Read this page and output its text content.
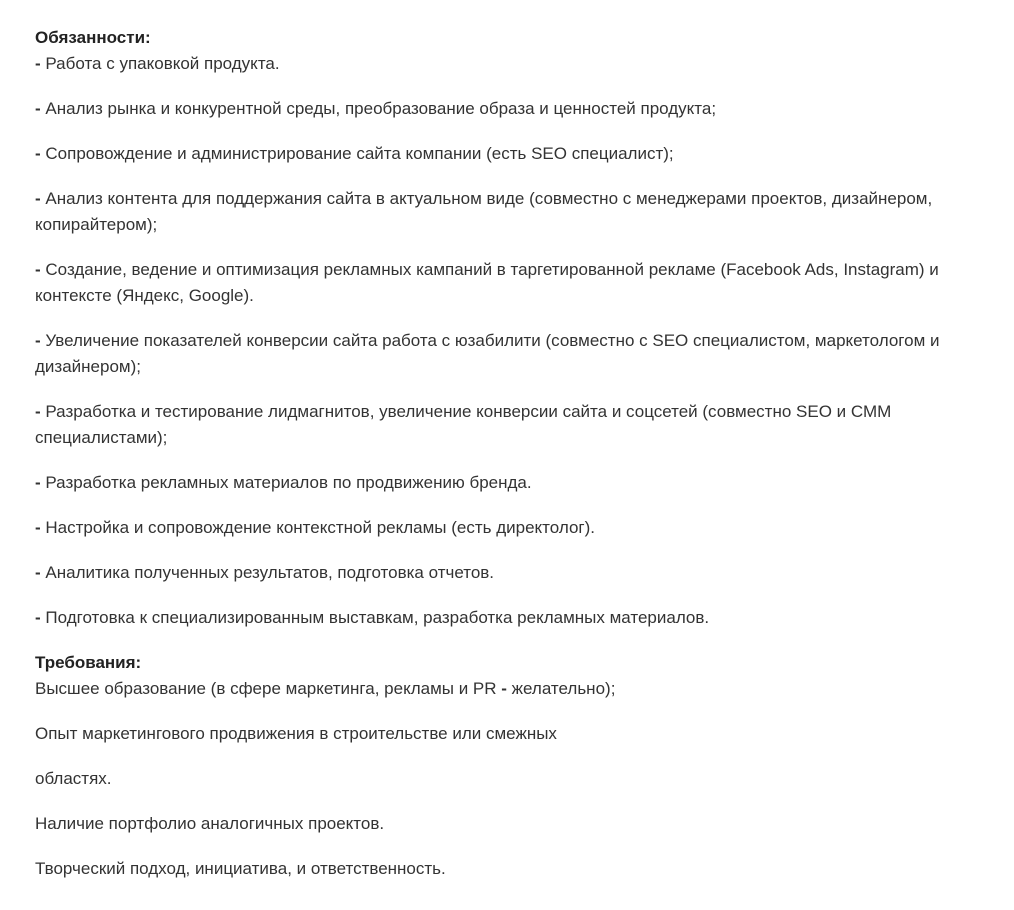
Обязанности:

- Работа с упаковкой продукта.

- Анализ рынка и конкурентной среды, преобразование образа и ценностей продукта;

- Сопровождение и администрирование сайта компании (есть SEO специалист);

- Анализ контента для поддержания сайта в актуальном виде (совместно с менеджерами проектов, дизайнером, копирайтером);

- Создание, ведение и оптимизация рекламных кампаний в таргетированной рекламе (Facebook Ads, Instagram) и контексте (Яндекс, Google).

- Увеличение показателей конверсии сайта работа с юзабилити (совместно с SEO специалистом, маркетологом и дизайнером);

- Разработка и тестирование лидмагнитов, увеличение конверсии сайта и соцсетей (совместно SEO и СММ специалистами);

- Разработка рекламных материалов по продвижению бренда.

- Настройка и сопровождение контекстной рекламы (есть директолог).

- Аналитика полученных результатов, подготовка отчетов.

- Подготовка к специализированным выставкам, разработка рекламных материалов.

Требования:

Высшее образование (в сфере маркетинга, рекламы и PR - желательно);

Опыт маркетингового продвижения в строительстве или смежных

областях.

Наличие портфолио аналогичных проектов.

Творческий подход, инициатива, и ответственность.
